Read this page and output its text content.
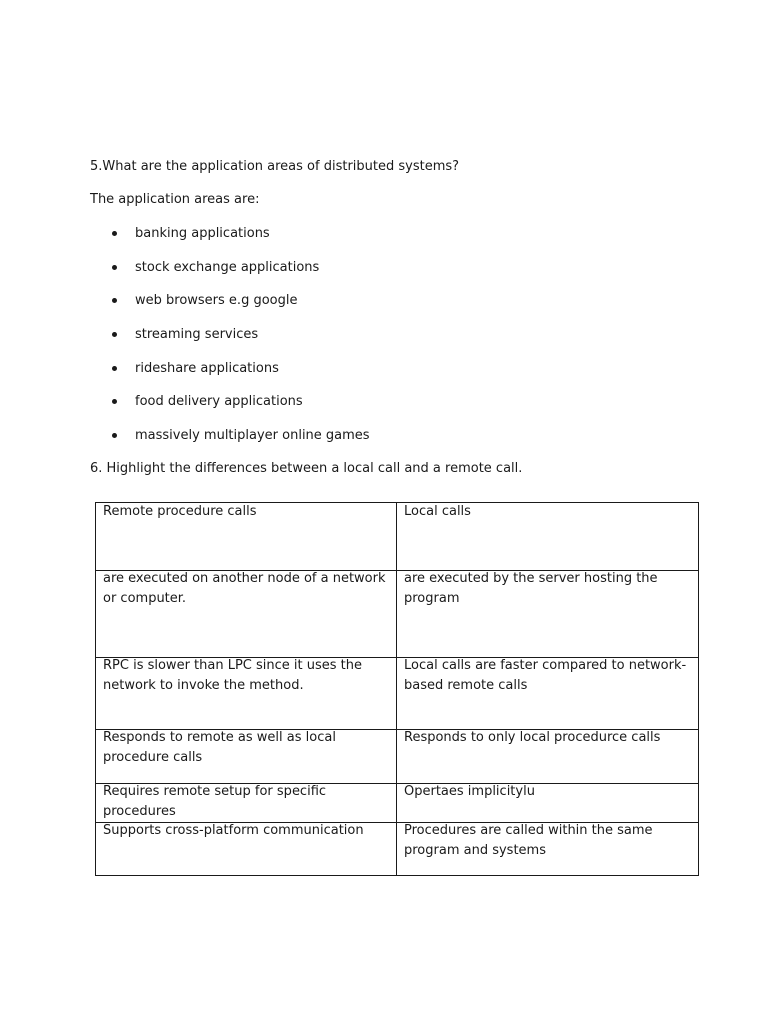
5.What are the application areas of distributed systems?

The application areas are:

banking applications
stock exchange applications
web browsers e.g google
streaming services
rideshare applications
food delivery applications
massively multiplayer online games
6. Highlight the differences between a local call and a remote call.
Remote procedure calls	Local calls

are executed on another node of a network or computer.	are executed by the server hosting the program

RPC is slower than LPC since it uses the network to invoke the method.	Local calls are faster compared to network-based remote calls

Responds to remote as well as local procedure calls	Responds to only local procedurce calls

Requires remote setup for specific procedures	Opertaes implicitylu

Supports cross-platform communication	Procedures are called within the same program and systems
